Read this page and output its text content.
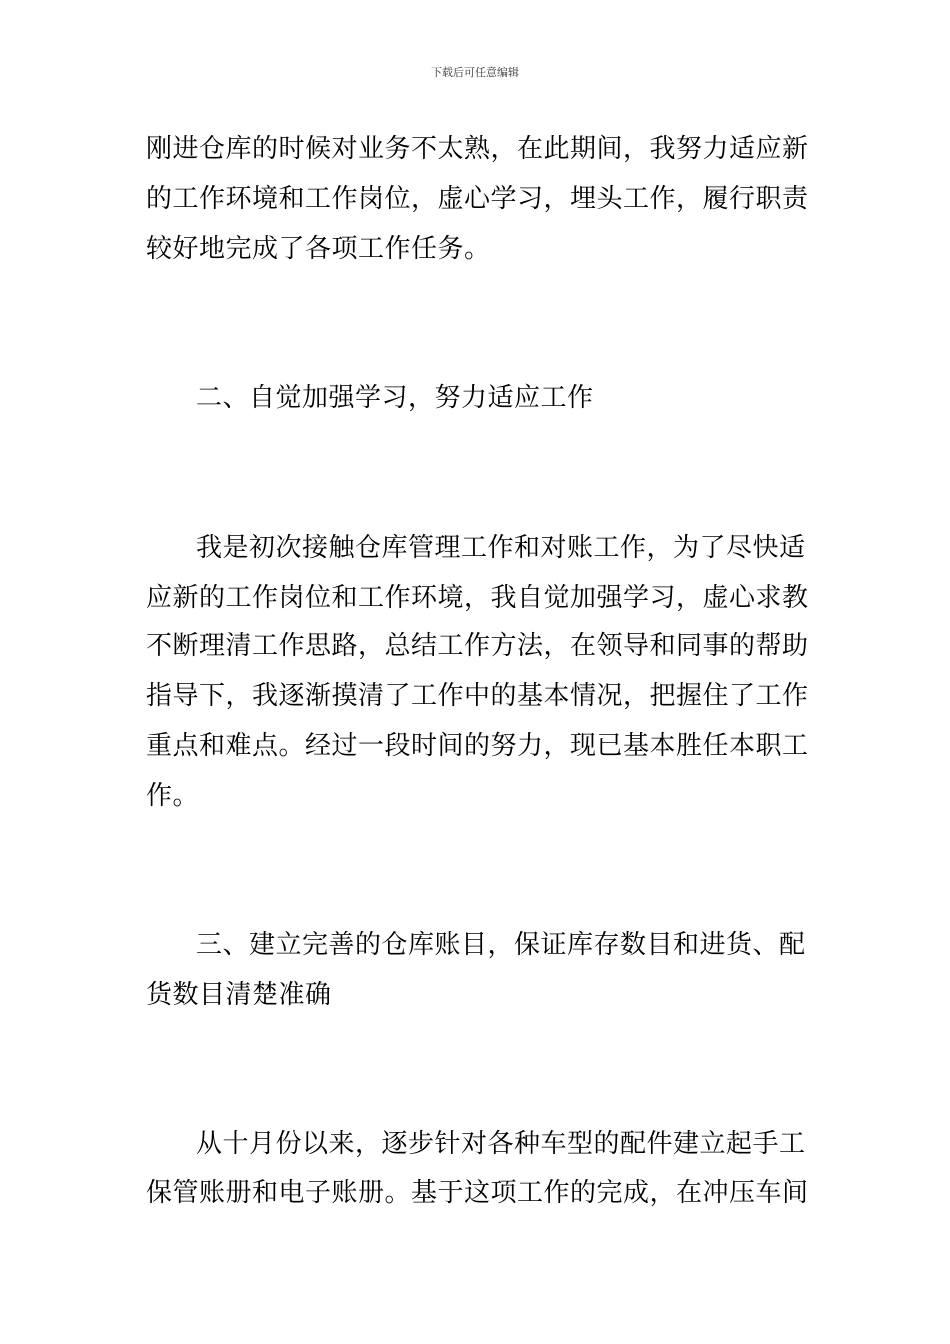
下载后可任意编辑
刚进仓库的时候对业务不太熟，在此期间，我努力适应新
的工作环境和工作岗位，虚心学习，埋头工作，履行职责
较好地完成了各项工作任务。
二、自觉加强学习，努力适应工作
我是初次接触仓库管理工作和对账工作，为了尽快适
应新的工作岗位和工作环境，我自觉加强学习，虚心求教
不断理清工作思路，总结工作方法，在领导和同事的帮助
指导下，我逐渐摸清了工作中的基本情况，把握住了工作
重点和难点。经过一段时间的努力，现已基本胜任本职工
作。
三、建立完善的仓库账目，保证库存数目和进货、配
货数目清楚准确
从十月份以来，逐步针对各种车型的配件建立起手工
保管账册和电子账册。基于这项工作的完成，在冲压车间
